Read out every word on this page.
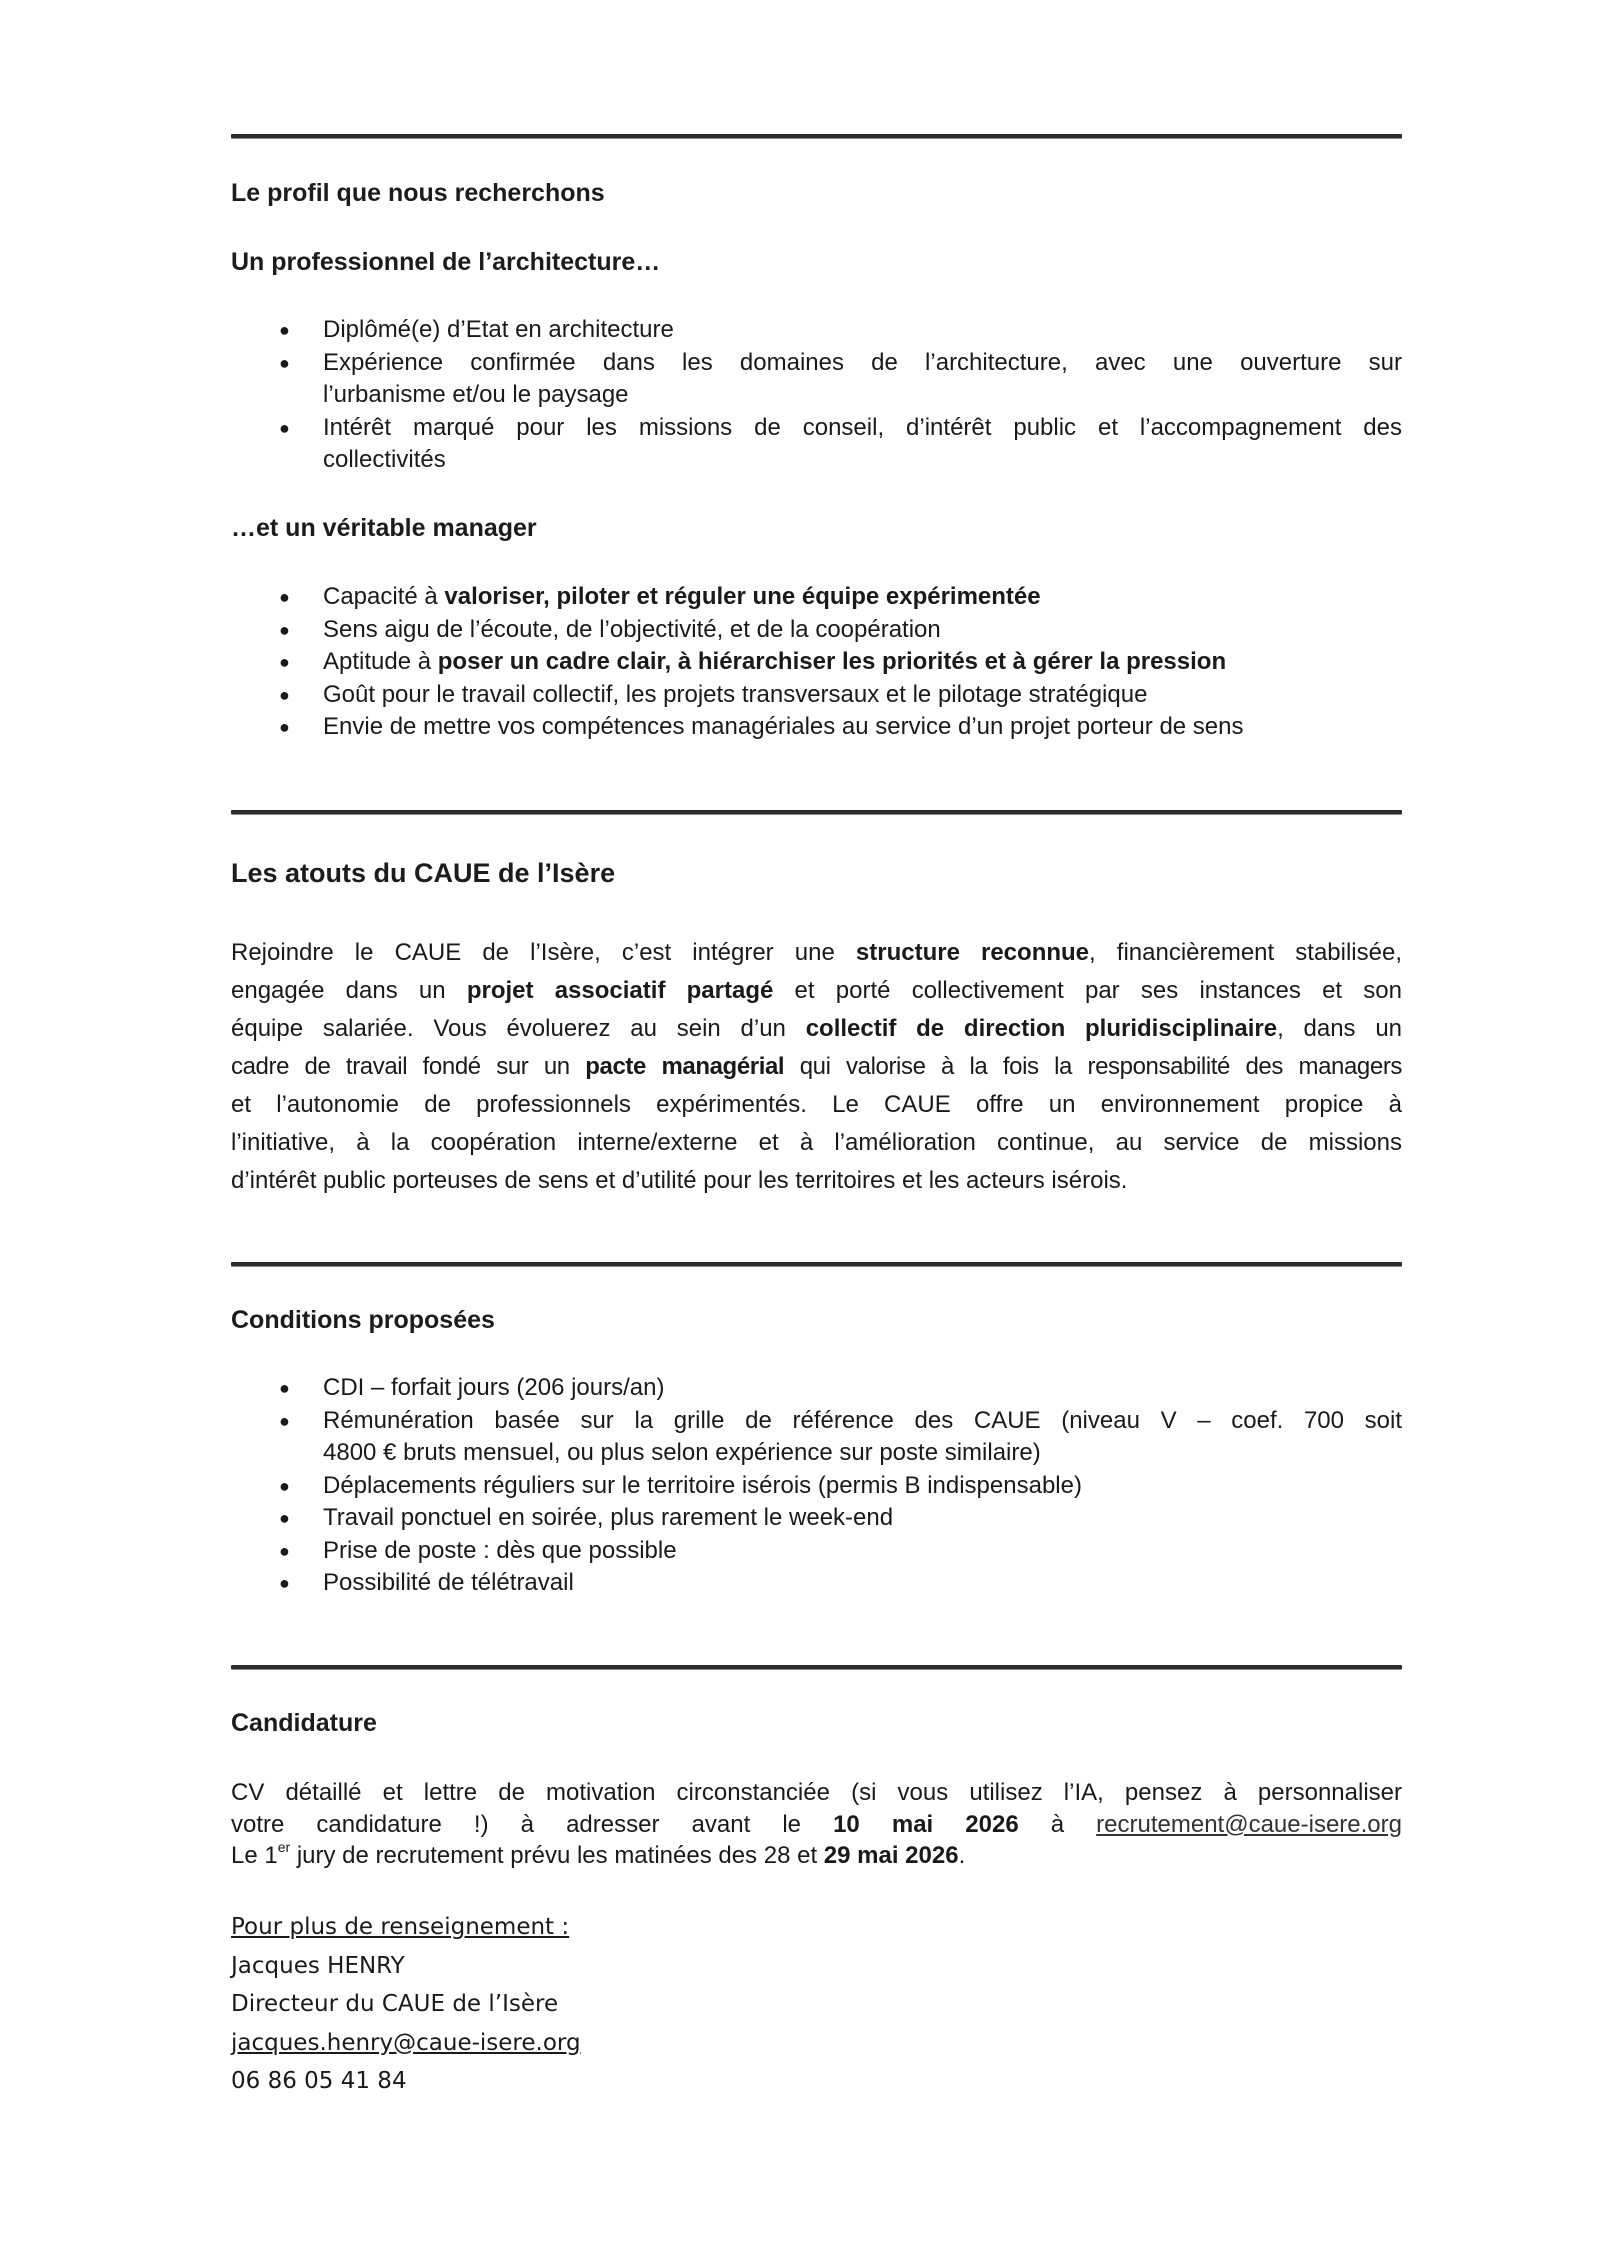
Le profil que nous recherchons
Un professionnel de l’architecture…
● Diplômé(e) d’Etat en architecture
● Expérience confirmée dans les domaines de l’architecture, avec une ouverture sur
l’urbanisme et/ou le paysage
● Intérêt marqué pour les missions de conseil, d’intérêt public et l’accompagnement des
collectivités
…et un véritable manager
● Capacité à valoriser, piloter et réguler une équipe expérimentée
● Sens aigu de l’écoute, de l’objectivité, et de la coopération
● Aptitude à poser un cadre clair, à hiérarchiser les priorités et à gérer la pression
● Goût pour le travail collectif, les projets transversaux et le pilotage stratégique
● Envie de mettre vos compétences managériales au service d’un projet porteur de sens
Les atouts du CAUE de l’Isère
Rejoindre le CAUE de l’Isère, c’est intégrer une structure reconnue, financièrement stabilisée,
engagée dans un projet associatif partagé et porté collectivement par ses instances et son
équipe salariée. Vous évoluerez au sein d’un collectif de direction pluridisciplinaire, dans un
cadre de travail fondé sur un pacte managérial qui valorise à la fois la responsabilité des managers
et l’autonomie de professionnels expérimentés. Le CAUE offre un environnement propice à
l’initiative, à la coopération interne/externe et à l’amélioration continue, au service de missions
d’intérêt public porteuses de sens et d’utilité pour les territoires et les acteurs isérois.
Conditions proposées
● CDI – forfait jours (206 jours/an)
● Rémunération basée sur la grille de référence des CAUE (niveau V – coef. 700 soit
4800 € bruts mensuel, ou plus selon expérience sur poste similaire)
● Déplacements réguliers sur le territoire isérois (permis B indispensable)
● Travail ponctuel en soirée, plus rarement le week-end
● Prise de poste : dès que possible
● Possibilité de télétravail
Candidature
CV détaillé et lettre de motivation circonstanciée (si vous utilisez l’IA, pensez à personnaliser
votre candidature !) à adresser avant le 10 mai 2026 à recrutement@caue-isere.org
Le 1er jury de recrutement prévu les matinées des 28 et 29 mai 2026.
Pour plus de renseignement :
Jacques HENRY
Directeur du CAUE de l’Isère
jacques.henry@caue-isere.org
06 86 05 41 84
